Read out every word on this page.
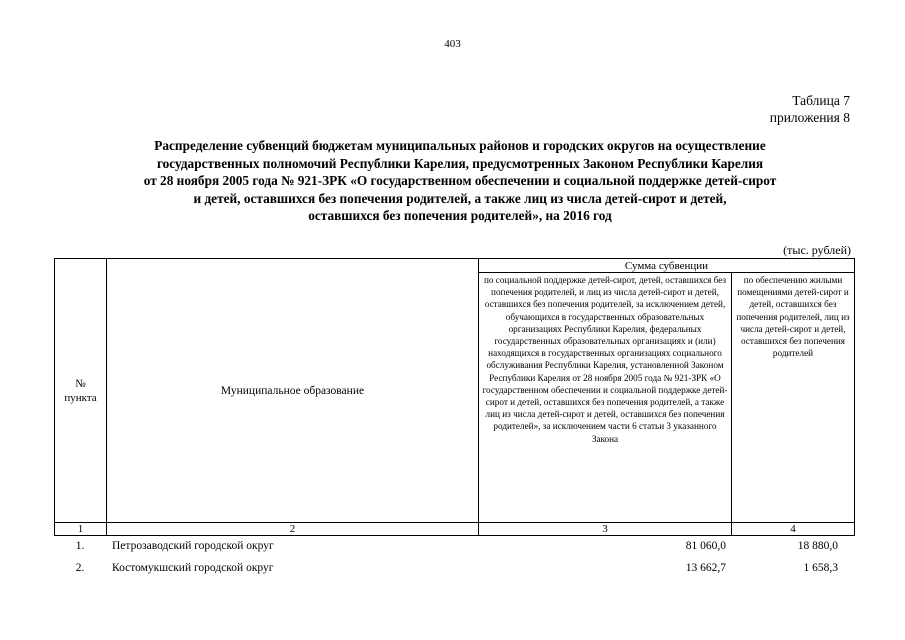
403
Таблица 7
приложения 8
Распределение субвенций бюджетам муниципальных районов и городских округов на осуществление
государственных полномочий Республики Карелия, предусмотренных Законом Республики Карелия
от 28 ноября 2005 года № 921-ЗРК «О государственном обеспечении и социальной поддержке детей-сирот
и детей, оставшихся без попечения родителей, а также лиц из числа детей-сирот и детей,
оставшихся без попечения родителей», на 2016 год
(тыс. рублей)
№
пункта	Муниципальное образование	Сумма субвенции	
		по социальной поддержке детей-сирот, детей, оставшихся без попечения родителей, и лиц из числа детей-сирот и детей, оставшихся без попечения родителей, за исключением детей, обучающихся в государственных образовательных организациях Республики Карелия, федеральных государственных образовательных организациях и (или) находящихся в государственных организациях социального обслуживания Республики Карелия, установленной Законом Республики Карелия от 28 ноября 2005 года № 921-ЗРК «О государственном обеспечении и социальной поддержке детей-сирот и детей, оставшихся без попечения родителей, а также лиц из числа детей-сирот и детей, оставшихся без попечения родителей», за исключением части 6 статьи 3 указанного Закона	по обеспечению жилыми помещениями детей-сирот и детей, оставшихся без попечения родителей, лиц из числа детей-сирот и детей, оставшихся без попечения родителей
1	2	3	4
1.	Петрозаводский городской округ	81 060,0	18 880,0
2.	Костомукшский городской округ	13 662,7	1 658,3
